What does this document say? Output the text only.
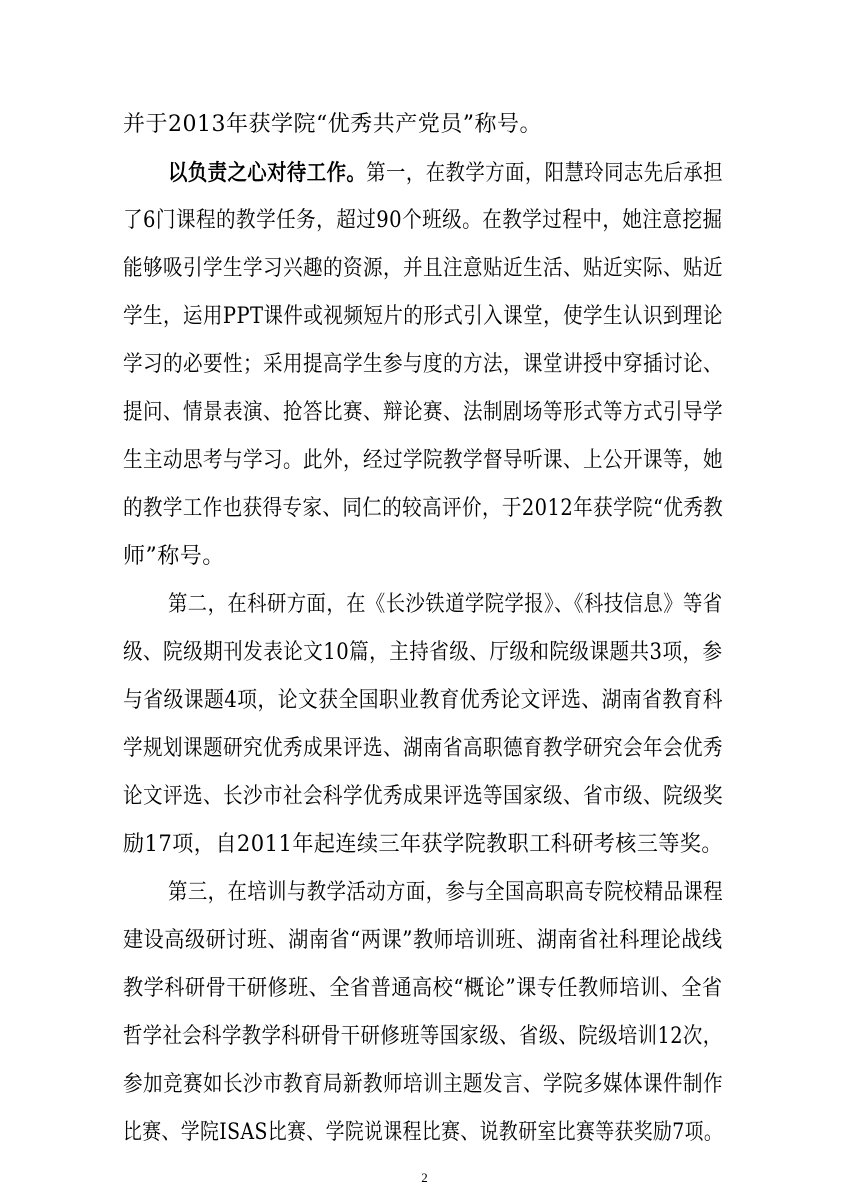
并于2013年获学院“优秀共产党员”称号。
以负责之心对待工作。第一，在教学方面，阳慧玲同志先后承担
了6门课程的教学任务，超过90个班级。在教学过程中，她注意挖掘
能够吸引学生学习兴趣的资源，并且注意贴近生活、贴近实际、贴近
学生，运用PPT课件或视频短片的形式引入课堂，使学生认识到理论
学习的必要性；采用提高学生参与度的方法，课堂讲授中穿插讨论、
提问、情景表演、抢答比赛、辩论赛、法制剧场等形式等方式引导学
生主动思考与学习。此外，经过学院教学督导听课、上公开课等，她
的教学工作也获得专家、同仁的较高评价，于2012年获学院“优秀教
师”称号。
第二，在科研方面，在《长沙铁道学院学报》、《科技信息》等省
级、院级期刊发表论文10篇，主持省级、厅级和院级课题共3项，参
与省级课题4项，论文获全国职业教育优秀论文评选、湖南省教育科
学规划课题研究优秀成果评选、湖南省高职德育教学研究会年会优秀
论文评选、长沙市社会科学优秀成果评选等国家级、省市级、院级奖
励17项，自2011年起连续三年获学院教职工科研考核三等奖。
第三，在培训与教学活动方面，参与全国高职高专院校精品课程
建设高级研讨班、湖南省“两课”教师培训班、湖南省社科理论战线
教学科研骨干研修班、全省普通高校“概论”课专任教师培训、全省
哲学社会科学教学科研骨干研修班等国家级、省级、院级培训12次，
参加竞赛如长沙市教育局新教师培训主题发言、学院多媒体课件制作
比赛、学院ISAS比赛、学院说课程比赛、说教研室比赛等获奖励7项。
2
